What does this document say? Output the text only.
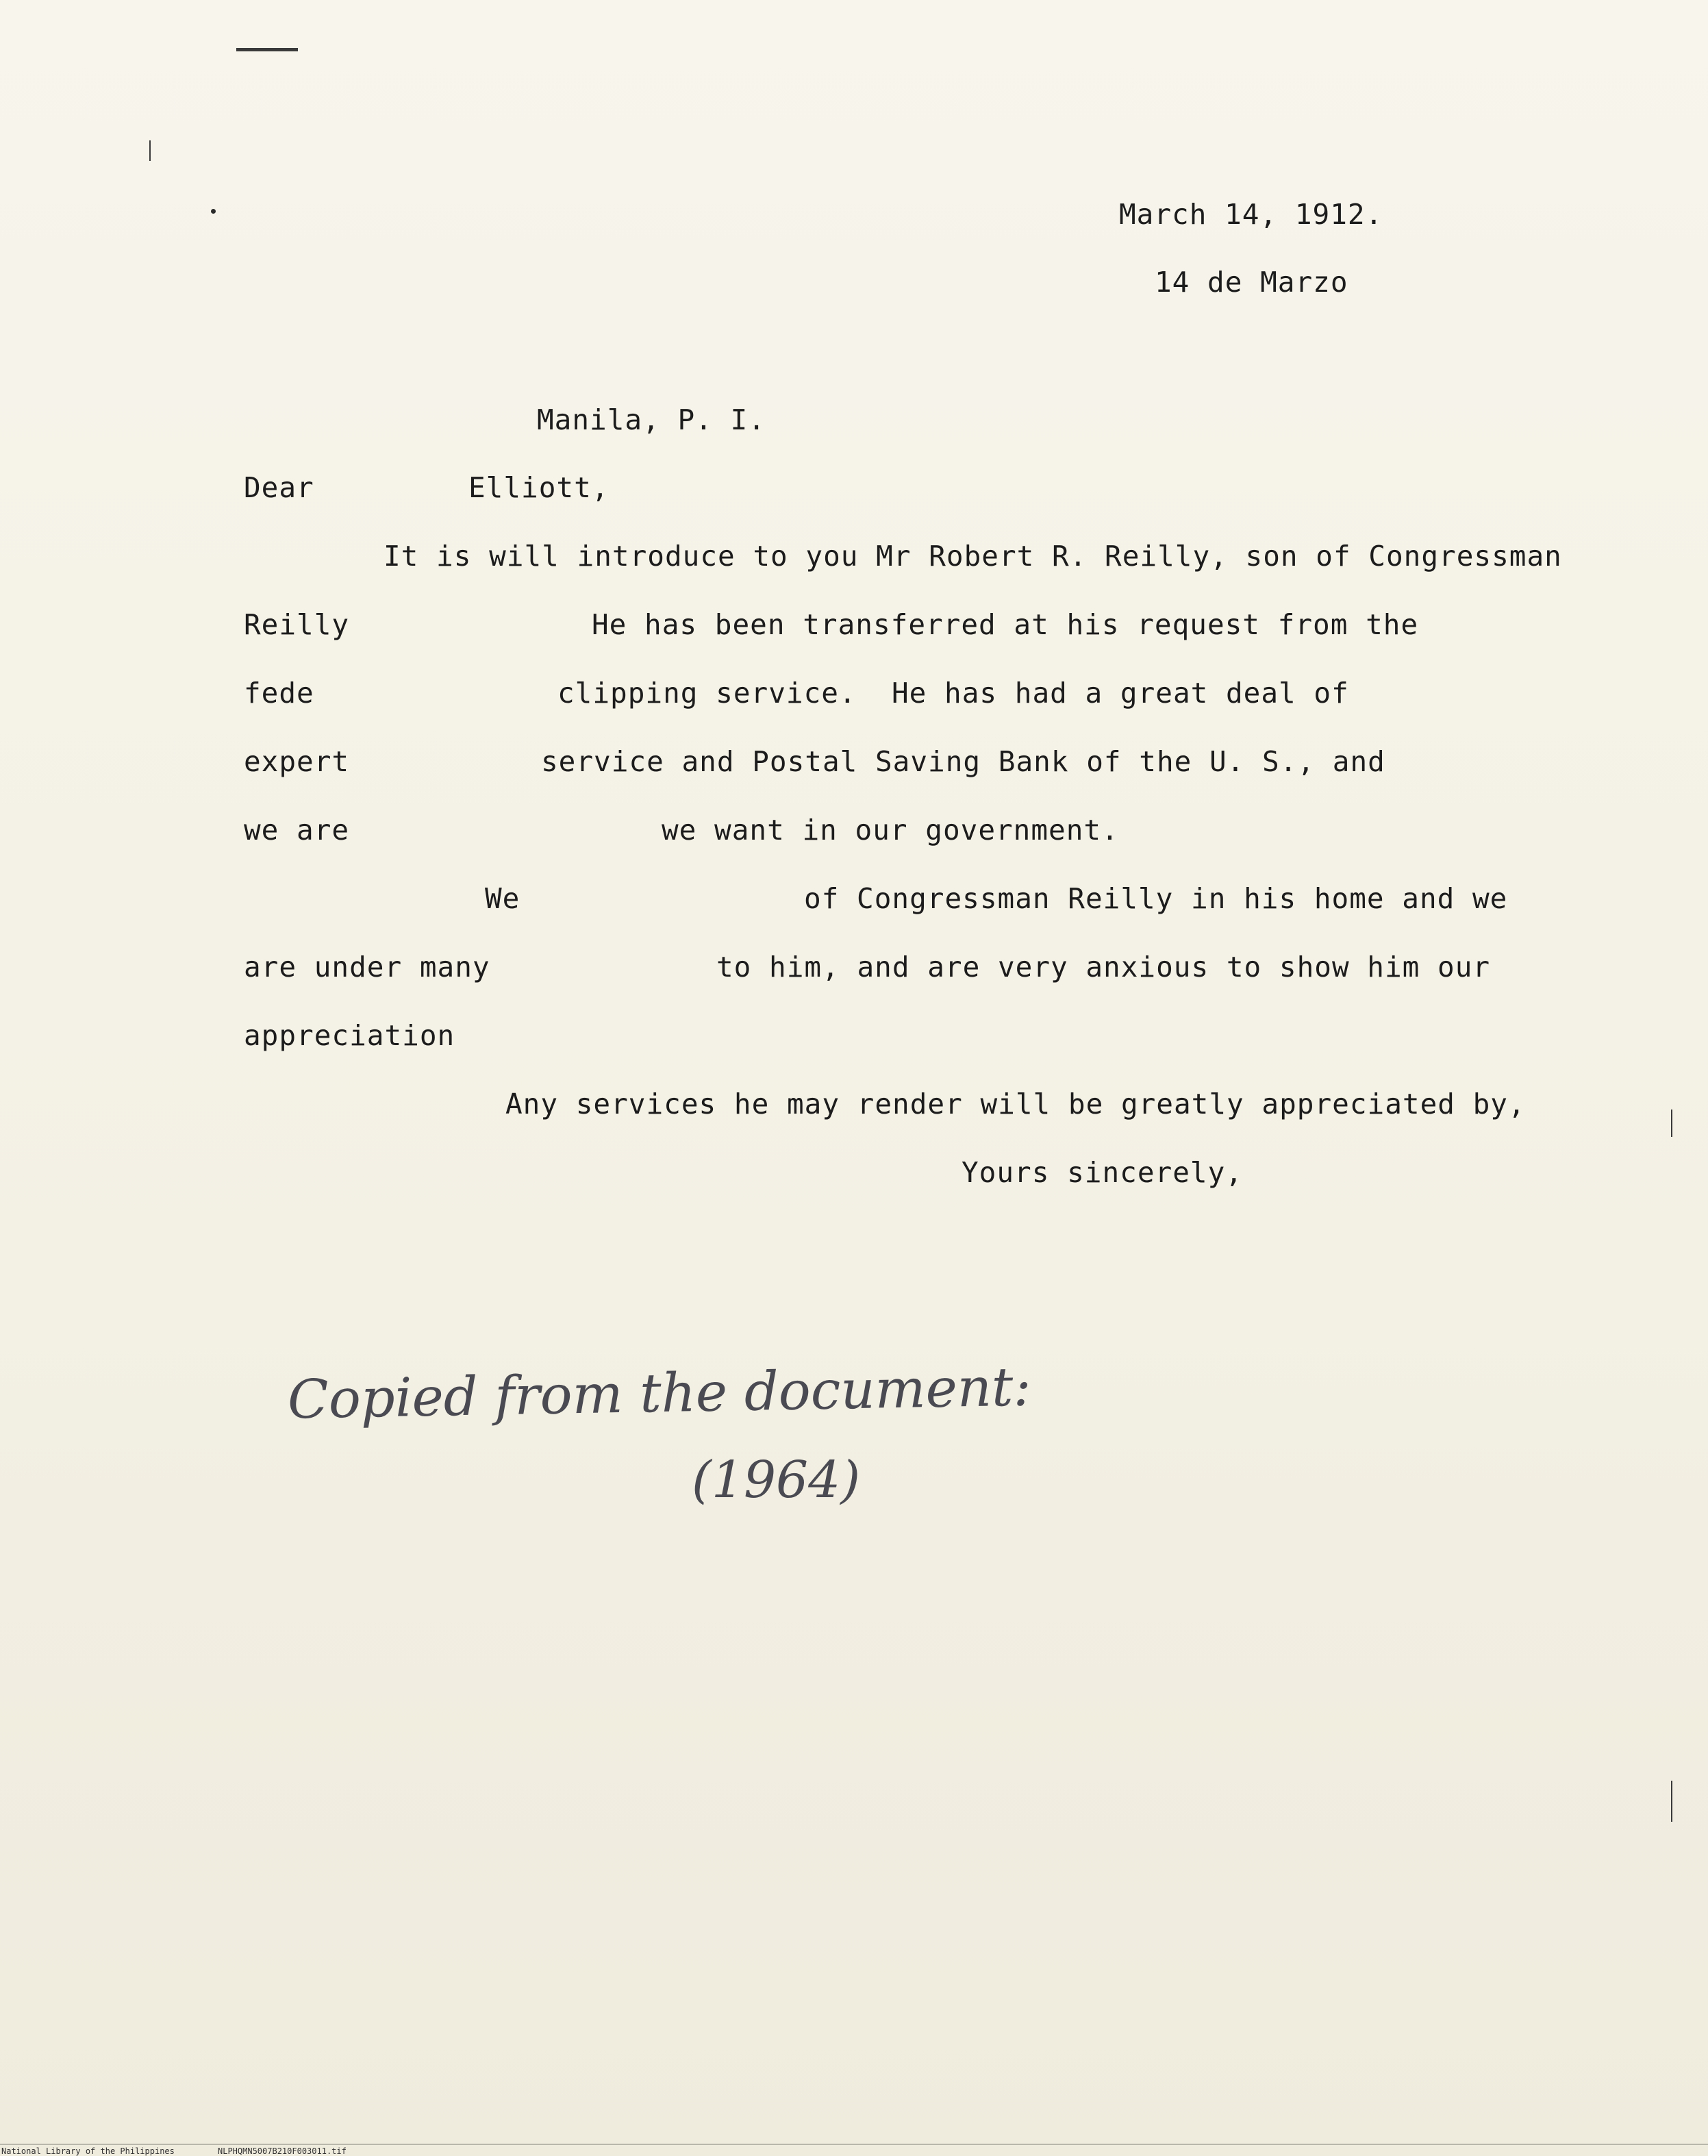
March 14, 1912.
14 de Marzo
Manila, P. I.
Dear	Elliott,
It is will introduce to you Mr Robert R. Reilly, son of Congressman
Reilly	He has been transferred at his request from the
fede	clipping service.  He has had a great deal of
expert	service and Postal Saving Bank of the U. S., and
we are	we want in our government.
We	of Congressman Reilly in his home and we
are under many	to him, and are very anxious to show him our
appreciation
Any services he may render will be greatly appreciated by,
Yours sincerely,
Copied from the document:
(1964)
National Library of the Philippines	NLPHQMN5007B210F003011.tif
